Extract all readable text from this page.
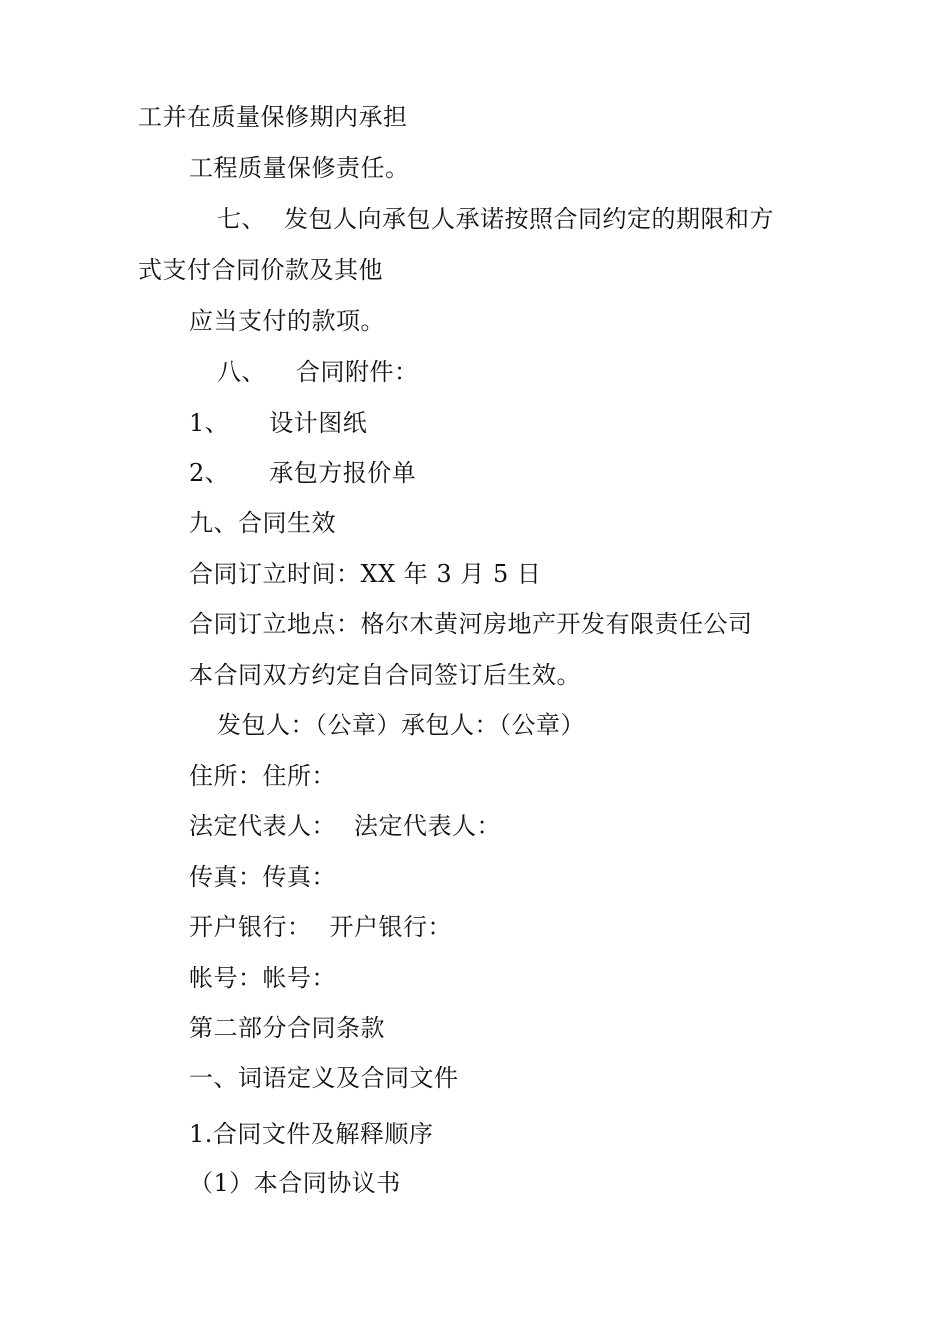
工并在质量保修期内承担
工程质量保修责任。
七、 发包人向承包人承诺按照合同约定的期限和方
式支付合同价款及其他
应当支付的款项。
八、 合同附件：
1、 设计图纸
2、 承包方报价单
九、合同生效
合同订立时间：XX 年 3 月 5 日
合同订立地点：格尔木黄河房地产开发有限责任公司
本合同双方约定自合同签订后生效。
发包人：（公章）承包人：（公章）
住所：住所：
法定代表人： 法定代表人：
传真：传真：
开户银行： 开户银行：
帐号：帐号：
第二部分合同条款
一、词语定义及合同文件
1.合同文件及解释顺序
（1）本合同协议书
